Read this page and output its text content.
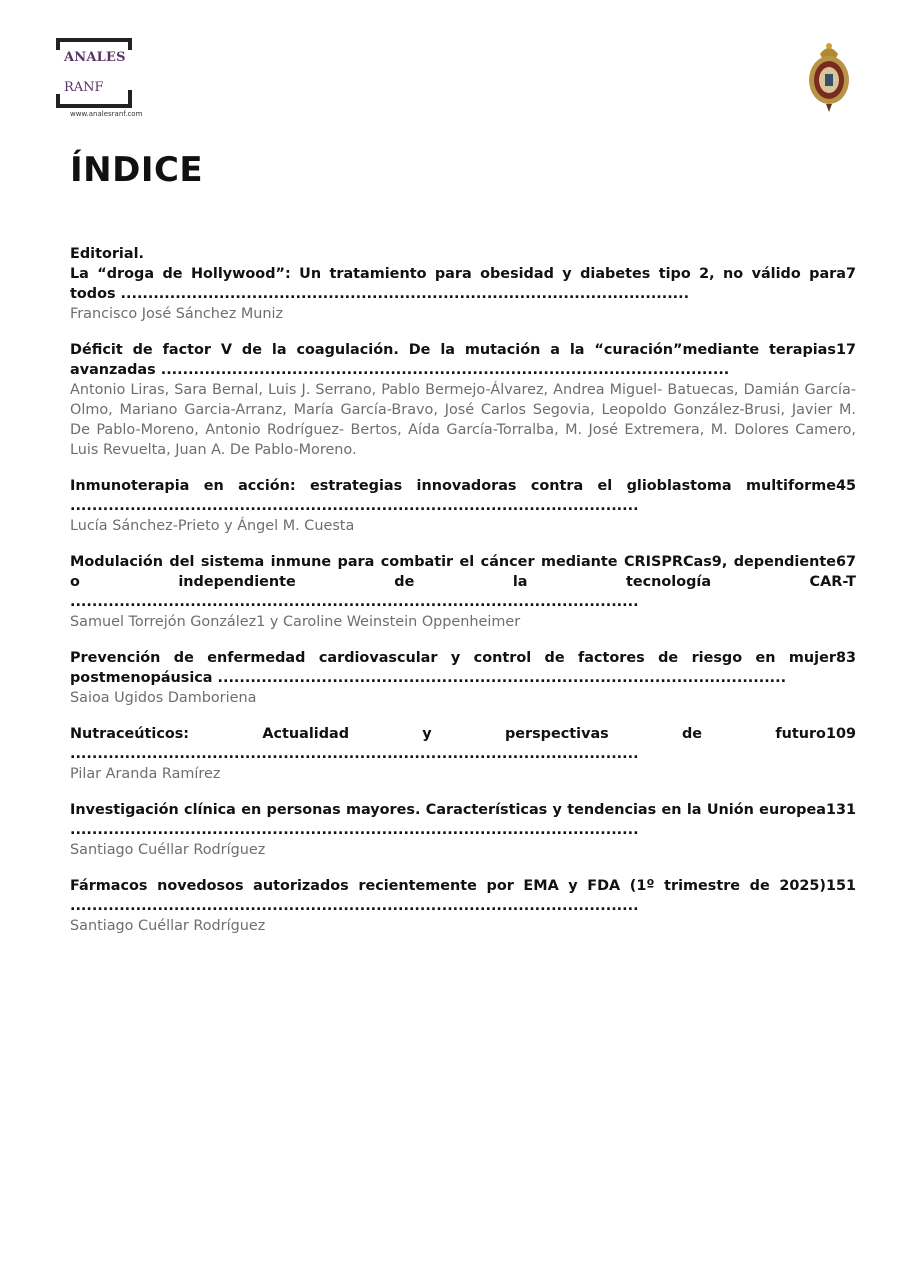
ANALES
RANF
www.analesranf.com
ÍNDICE
Editorial.
7
La “droga de Hollywood”: Un tratamiento para obesidad y diabetes tipo 2, no válido para todos ........................................................................................................
Francisco José Sánchez Muniz
17
Déficit de factor V de la coagulación. De la mutación a la “curación”mediante terapias avanzadas ........................................................................................................
Antonio Liras, Sara Bernal, Luis J. Serrano, Pablo Bermejo-Álvarez, Andrea Miguel- Batuecas, Damián García-Olmo, Mariano Garcia-Arranz, María García-Bravo, José Carlos Segovia, Leopoldo González-Brusi, Javier M. De Pablo-Moreno, Antonio Rodríguez- Bertos, Aída García-Torralba, M. José Extremera, M. Dolores Camero, Luis Revuelta, Juan A. De Pablo-Moreno.
45
Inmunoterapia en acción: estrategias innovadoras contra el glioblastoma multiforme ........................................................................................................
Lucía Sánchez-Prieto y Ángel M. Cuesta
67
Modulación del sistema inmune para combatir el cáncer mediante CRISPRCas9, dependiente o independiente de la tecnología CAR-T ........................................................................................................
Samuel Torrejón González1 y Caroline Weinstein Oppenheimer
83
Prevención de enfermedad cardiovascular y control de factores de riesgo en mujer postmenopáusica ........................................................................................................
Saioa Ugidos Damboriena
109
Nutraceúticos: Actualidad y perspectivas de futuro ........................................................................................................
Pilar Aranda Ramírez
131
Investigación clínica en personas mayores. Características y tendencias en la Unión europea ........................................................................................................
Santiago Cuéllar Rodríguez
151
Fármacos novedosos autorizados recientemente por EMA y FDA (1º trimestre de 2025) ........................................................................................................
Santiago Cuéllar Rodríguez
